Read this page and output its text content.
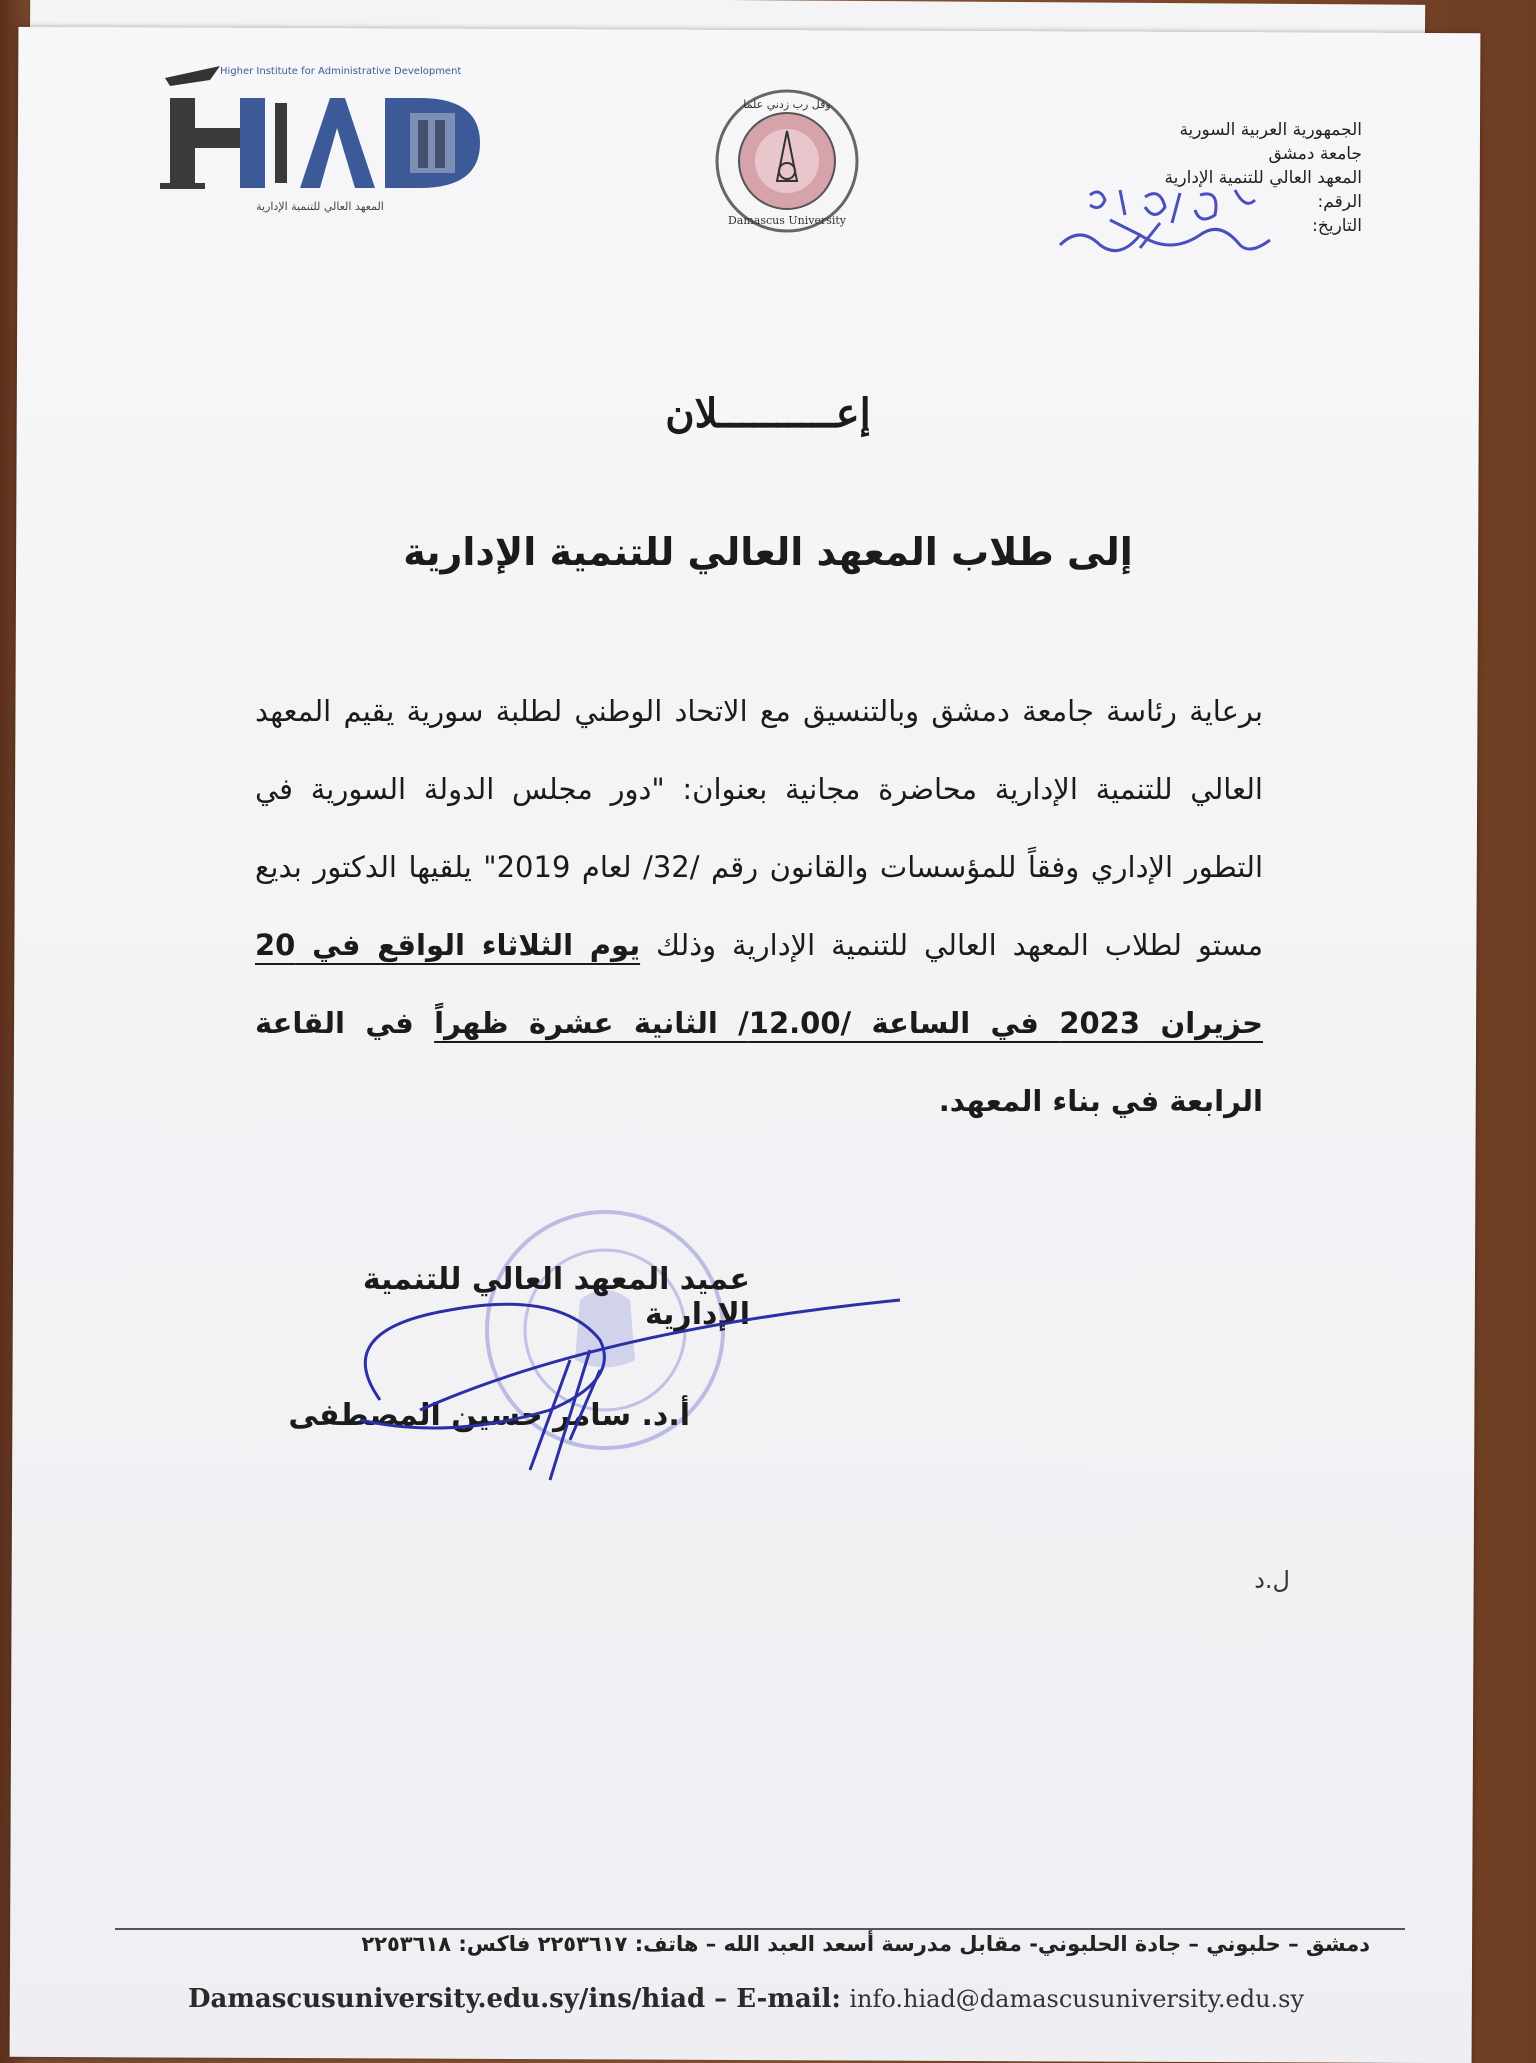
الجمهورية العربية السورية
جامعة دمشق
المعهد العالي للتنمية الإدارية
الرقم:
التاريخ:
Higher Institute for Administrative Development
المعهد العالي للتنمية الإدارية
وقل رب زدني علما
Damascus University
إعــــــــــلان
إلى طلاب المعهد العالي للتنمية الإدارية
برعاية رئاسة جامعة دمشق وبالتنسيق مع الاتحاد الوطني لطلبة سورية يقيم المعهد العالي للتنمية الإدارية محاضرة مجانية بعنوان: "دور مجلس الدولة السورية في التطور الإداري وفقاً للمؤسسات والقانون رقم /32/ لعام 2019" يلقيها الدكتور بديع مستو لطلاب المعهد العالي للتنمية الإدارية وذلك يوم الثلاثاء الواقع في 20 حزيران 2023 في الساعة /12.00/ الثانية عشرة ظهراً في القاعة الرابعة في بناء المعهد.
عميد المعهد العالي للتنمية الإدارية
أ.د. سامر حسين المصطفى
ل.د
دمشق – حلبوني – جادة الحلبوني- مقابل مدرسة أسعد العبد الله – هاتف: ٢٢٥٣٦١٧ فاكس: ٢٢٥٣٦١٨
Damascusuniversity.edu.sy/ins/hiad – E-mail: info.hiad@damascusuniversity.edu.sy
